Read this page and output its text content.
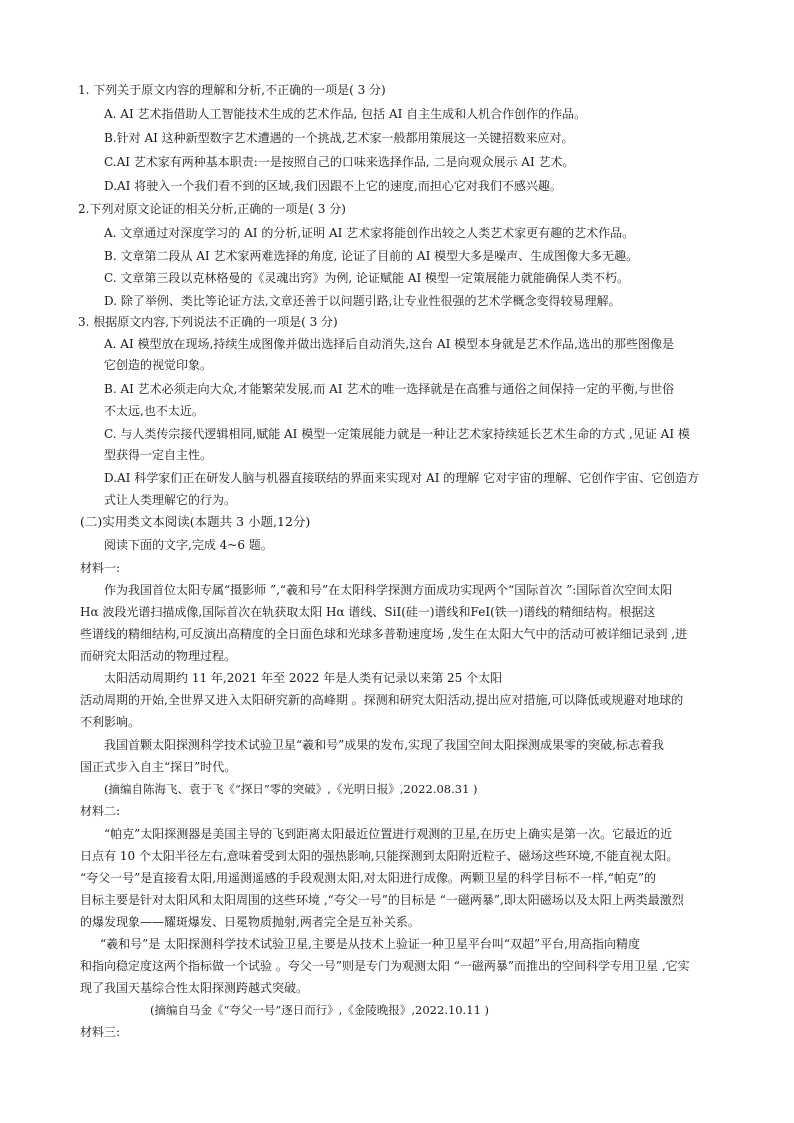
1. 下列关于原文内容的理解和分析,不正确的一项是( 3 分)
A. AI 艺术指借助人工智能技术生成的艺术作品, 包括 AI 自主生成和人机合作创作的作品。
B.针对 AI 这种新型数字艺术遭遇的一个挑战,艺术家一般都用策展这一关键招数来应对。
C.AI 艺术家有两种基本职责:一是按照自己的口味来选择作品, 二是向观众展示 AI 艺术。
D.AI 将驶入一个我们看不到的区域,我们因跟不上它的速度,而担心它对我们不感兴趣。
2.下列对原文论证的相关分析,正确的一项是( 3 分)
A. 文章通过对深度学习的 AI 的分析,证明 AI 艺术家将能创作出较之人类艺术家更有趣的艺术作品。
B. 文章第二段从 AI 艺术家两难选择的角度, 论证了目前的 AI 模型大多是噪声、生成图像大多无趣。
C. 文章第三段以克林格曼的《灵魂出窍》为例, 论证赋能 AI 模型一定策展能力就能确保人类不朽。
D. 除了举例、类比等论证方法,文章还善于以问题引路,让专业性很强的艺术学概念变得较易理解。
3. 根据原文内容,下列说法不正确的一项是( 3 分)
A. AI 模型放在现场,持续生成图像并做出选择后自动消失,这台 AI 模型本身就是艺术作品,选出的那些图像是
它创造的视觉印象。
B. AI 艺术必须走向大众,才能繁荣发展,而 AI 艺术的唯一选择就是在高雅与通俗之间保持一定的平衡,与世俗
不太远,也不太近。
C. 与人类传宗接代逻辑相同,赋能 AI 模型一定策展能力就是一种让艺术家持续延长艺术生命的方式 ,见证 AI 模
型获得一定自主性。
D.AI 科学家们正在研发人脑与机器直接联结的界面来实现对 AI 的理解 它对宇宙的理解、它创作宇宙、它创造方
式让人类理解它的行为。
(二)实用类文本阅读(本题共 3 小题,12分)
阅读下面的文字,完成 4~6 题。
材料一:
作为我国首位太阳专属“摄影师 ”,“羲和号”在太阳科学探测方面成功实现两个“国际首次 ”:国际首次空间太阳
Hα 波段光谱扫描成像,国际首次在轨获取太阳 Hα 谱线、SiⅠ(硅一)谱线和FeⅠ(铁一)谱线的精细结构。根据这
些谱线的精细结构,可反演出高精度的全日面色球和光球多普勒速度场 ,发生在太阳大气中的活动可被详细记录到 ,进
而研究太阳活动的物理过程。
太阳活动周期约 11 年,2021 年至 2022 年是人类有记录以来第 25 个太阳
活动周期的开始,全世界又进入太阳研究新的高峰期 。探测和研究太阳活动,提出应对措施,可以降低或规避对地球的
不利影响。
我国首颗太阳探测科学技术试验卫星“羲和号”成果的发布,实现了我国空间太阳探测成果零的突破,标志着我
国正式步入自主“探日”时代。
(摘编自陈海飞、袁于飞《“探日”零的突破》,《光明日报》,2022.08.31 )
材料二:
“帕克”太阳探测器是美国主导的飞到距离太阳最近位置进行观测的卫星,在历史上确实是第一次。它最近的近
日点有 10 个太阳半径左右,意味着受到太阳的强热影响,只能探测到太阳附近粒子、磁场这些环境,不能直视太阳。
“夸父一号”是直接看太阳,用遥测遥感的手段观测太阳,对太阳进行成像。两颗卫星的科学目标不一样,“帕克”的
目标主要是针对太阳风和太阳周围的这些环境 ,“夸父一号”的目标是 “一磁两暴”,即太阳磁场以及太阳上两类最激烈
的爆发现象——耀斑爆发、日冕物质抛射,两者完全是互补关系。
“羲和号”是 太阳探测科学技术试验卫星,主要是从技术上验证一种卫星平台叫“双超”平台,用高指向精度
和指向稳定度这两个指标做一个试验 。夸父一号”则是专门为观测太阳 “一磁两暴”而推出的空间科学专用卫星 ,它实
现了我国天基综合性太阳探测跨越式突破。
(摘编自马金《“夸父一号”逐日而行》,《金陵晚报》,2022.10.11 )
材料三:
